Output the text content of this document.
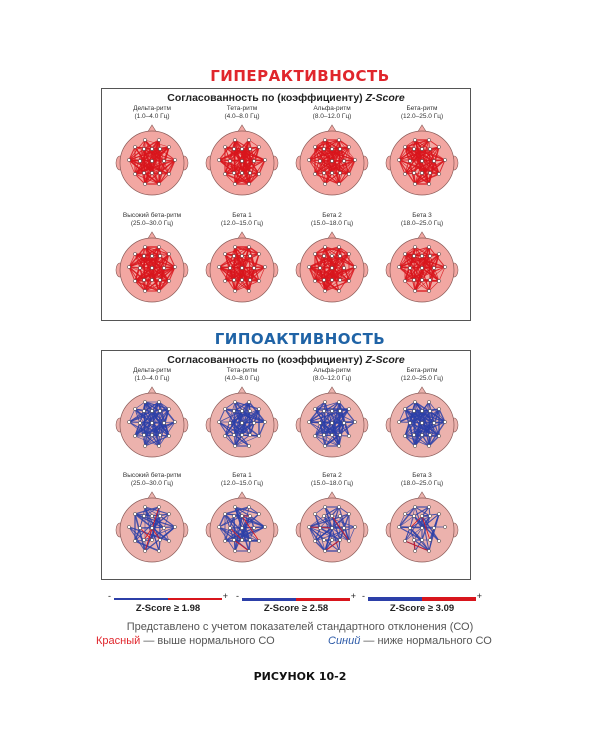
ГИПЕРАКТИВНОСТЬ
Согласованность по (коэффициенту) Z-Score
Дельта-ритм
(1.0–4.0 Гц)
Тета-ритм
(4.0–8.0 Гц)
Альфа-ритм
(8.0–12.0 Гц)
Бета-ритм
(12.0–25.0 Гц)
Высокий бета-ритм
(25.0–30.0 Гц)
Бета 1
(12.0–15.0 Гц)
Бета 2
(15.0–18.0 Гц)
Бета 3
(18.0–25.0 Гц)
ГИПОАКТИВНОСТЬ
Согласованность по (коэффициенту) Z-Score
Дельта-ритм
(1.0–4.0 Гц)
Тета-ритм
(4.0–8.0 Гц)
Альфа-ритм
(8.0–12.0 Гц)
Бета-ритм
(12.0–25.0 Гц)
Высокий бета-ритм
(25.0–30.0 Гц)
Бета 1
(12.0–15.0 Гц)
Бета 2
(15.0–18.0 Гц)
Бета 3
(18.0–25.0 Гц)
-	+
Z-Score ≥ 1.98
-	+
Z-Score ≥ 2.58
-	+
Z-Score ≥ 3.09
Представлено с учетом показателей стандартного отклонения (СО)
Красный — выше нормального СО	Синий — ниже нормального СО
РИСУНОК 10-2
